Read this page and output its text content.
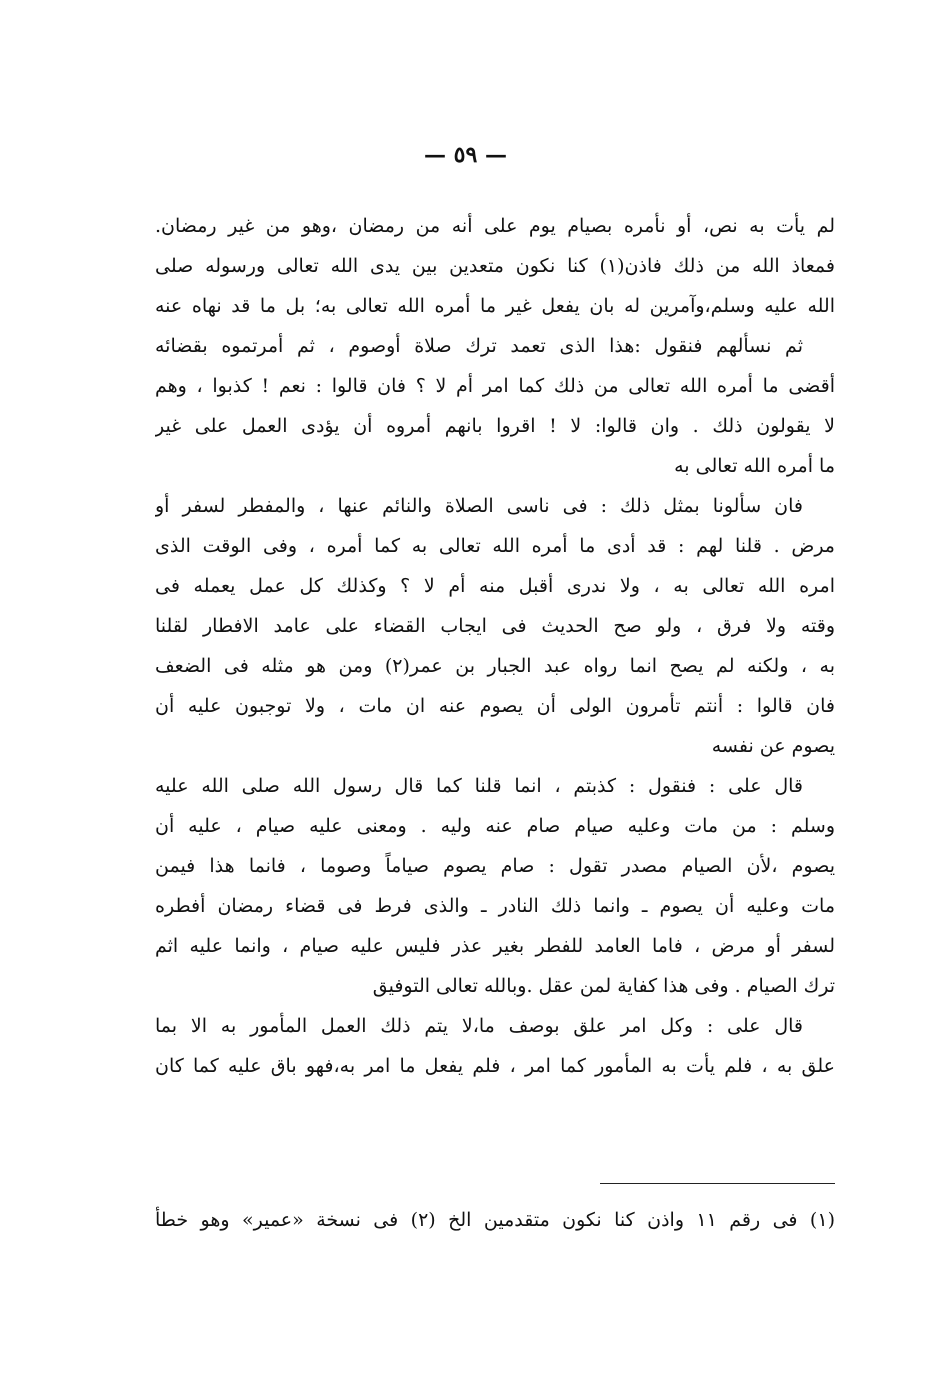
— ٥٩ —
لم يأت به نص، أو نأمره بصيام يوم على أنه من رمضان ،وهو من غير رمضان.
فمعاذ الله من ذلك فاذن(١) كنا نكون متعدين بين يدى الله تعالى ورسوله صلى
الله عليه وسلم،وآمرين له بان يفعل غير ما أمره الله تعالى به؛ بل ما قد نهاه عنه
ثم نسألهم فنقول :هذا الذى تعمد ترك صلاة أوصوم ، ثم أمرتموه بقضائه
أقضى ما أمره الله تعالى من ذلك كما امر أم لا ؟ فان قالوا : نعم ! كذبوا ، وهم
لا يقولون ذلك . وان قالوا: لا ! اقروا بانهم أمروه أن يؤدى العمل على غير
ما أمره الله تعالى به
فان سألونا بمثل ذلك : فى ناسى الصلاة والنائم عنها ، والمفطر لسفر أو
مرض . قلنا لهم : قد أدى ما أمره الله تعالى به كما أمره ، وفى الوقت الذى
امره الله تعالى به ، ولا ندرى أقبل منه أم لا ؟ وكذلك كل عمل يعمله فى
وقته ولا فرق ، ولو صح الحديث فى ايجاب القضاء على عامد الافطار لقلنا
به ، ولكنه لم يصح انما رواه عبد الجبار بن عمر(٢) ومن هو مثله فى الضعف
فان قالوا : أنتم تأمرون الولى أن يصوم عنه ان مات ، ولا توجبون عليه أن
يصوم عن نفسه
قال على : فنقول : كذبتم ، انما قلنا كما قال رسول الله صلى الله عليه
وسلم : من مات وعليه صيام صام عنه وليه . ومعنى عليه صيام ، عليه أن
يصوم ،لأن الصيام مصدر تقول : صام يصوم صياماً وصوما ، فانما هذا فيمن
مات وعليه أن يصوم ـ وانما ذلك النادر ـ والذى فرط فى قضاء رمضان أفطره
لسفر أو مرض ، فاما العامد للفطر بغير عذر فليس عليه صيام ، وانما عليه اثم
ترك الصيام . وفى هذا كفاية لمن عقل .وبالله تعالى التوفيق
قال على : وكل امر علق بوصف ما،لا يتم ذلك العمل المأمور به الا بما
علق به ، فلم يأت به المأمور كما امر ، فلم يفعل ما امر به،فهو باق عليه كما كان
(١) فى رقم ١١ واذن كنا نكون متقدمين الخ (٢) فى نسخة «عمير» وهو خطأ
